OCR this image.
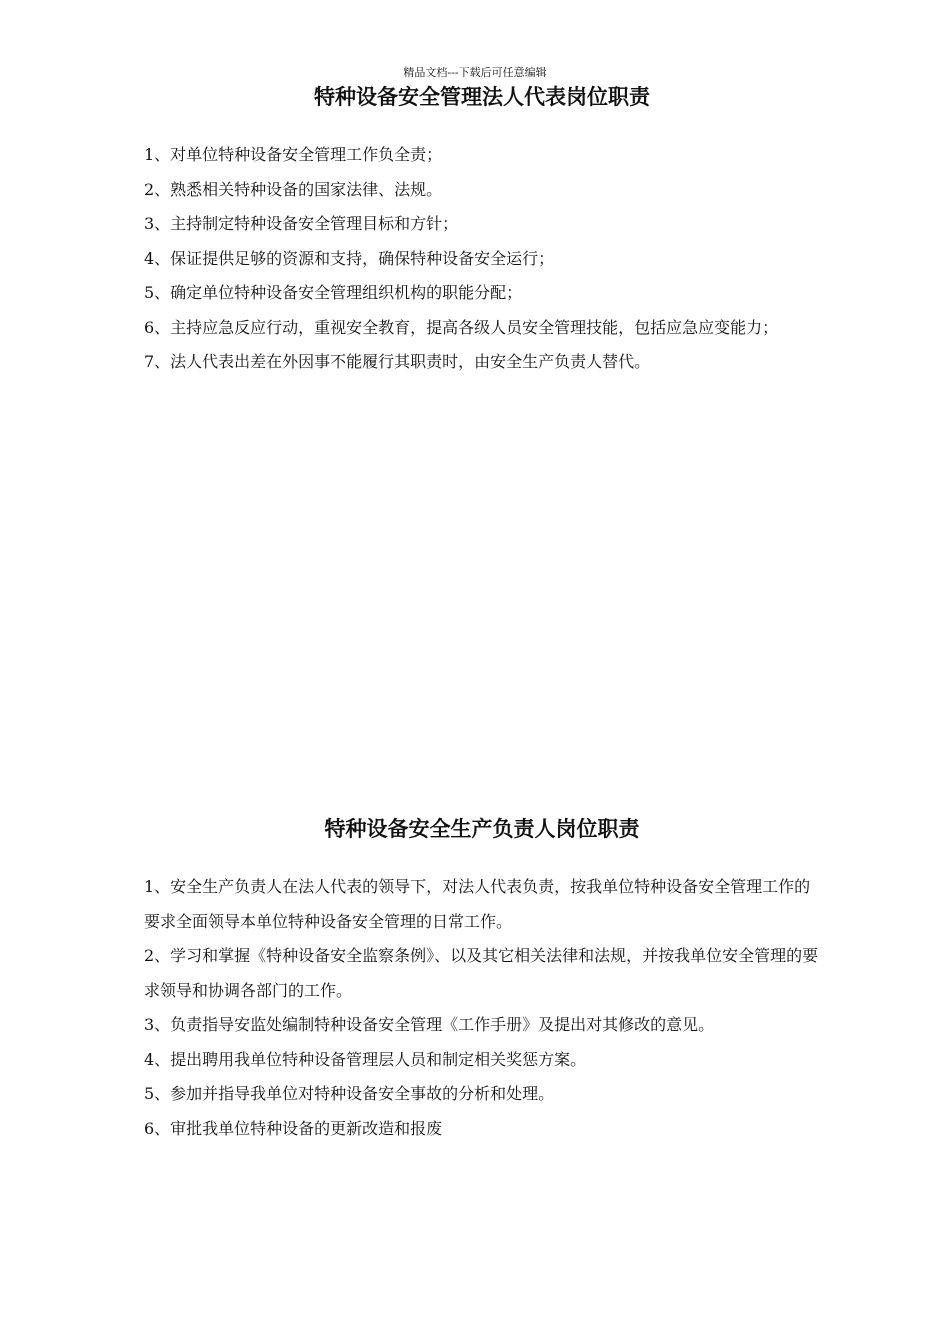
精品文档---下载后可任意编辑
特种设备安全管理法人代表岗位职责
1、对单位特种设备安全管理工作负全责；
2、熟悉相关特种设备的国家法律、法规。
3、主持制定特种设备安全管理目标和方针；
4、保证提供足够的资源和支持，确保特种设备安全运行；
5、确定单位特种设备安全管理组织机构的职能分配；
6、主持应急反应行动，重视安全教育，提高各级人员安全管理技能，包括应急应变能力；
7、法人代表出差在外因事不能履行其职责时，由安全生产负责人替代。
特种设备安全生产负责人岗位职责
1、安全生产负责人在法人代表的领导下，对法人代表负责，按我单位特种设备安全管理工作的要求全面领导本单位特种设备安全管理的日常工作。
2、学习和掌握《特种设备安全监察条例》、以及其它相关法律和法规，并按我单位安全管理的要求领导和协调各部门的工作。
3、负责指导安监处编制特种设备安全管理《工作手册》及提出对其修改的意见。
4、提出聘用我单位特种设备管理层人员和制定相关奖惩方案。
5、参加并指导我单位对特种设备安全事故的分析和处理。
6、审批我单位特种设备的更新改造和报废
